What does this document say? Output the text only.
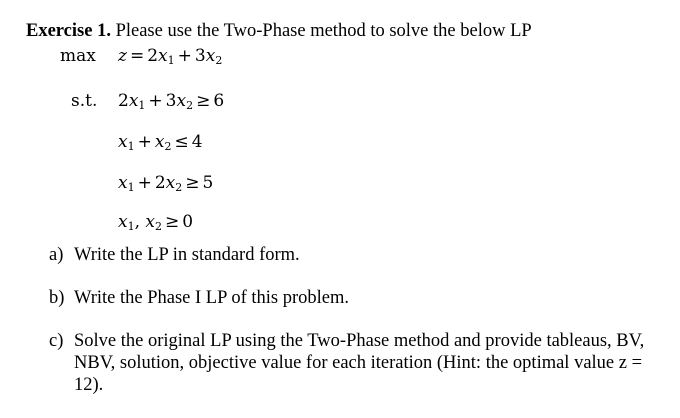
Exercise 1. Please use the Two-Phase method to solve the below LP
$\max z = 2x_1 + 3x_2$
s.t. $2x_1 + 3x_2 \ge 6$
$x_1 + x_2 \le 4$
$x_1 + 2x_2 \ge 5$
$x_1$, $x_2 \ge 0$
a) Write the LP in standard form.
b) Write the Phase I LP of this problem.
c) Solve the original LP using the Two-Phase method and provide tableaus, BV, NBV, solution, objective value for each iteration (Hint: the optimal value z = 12).
